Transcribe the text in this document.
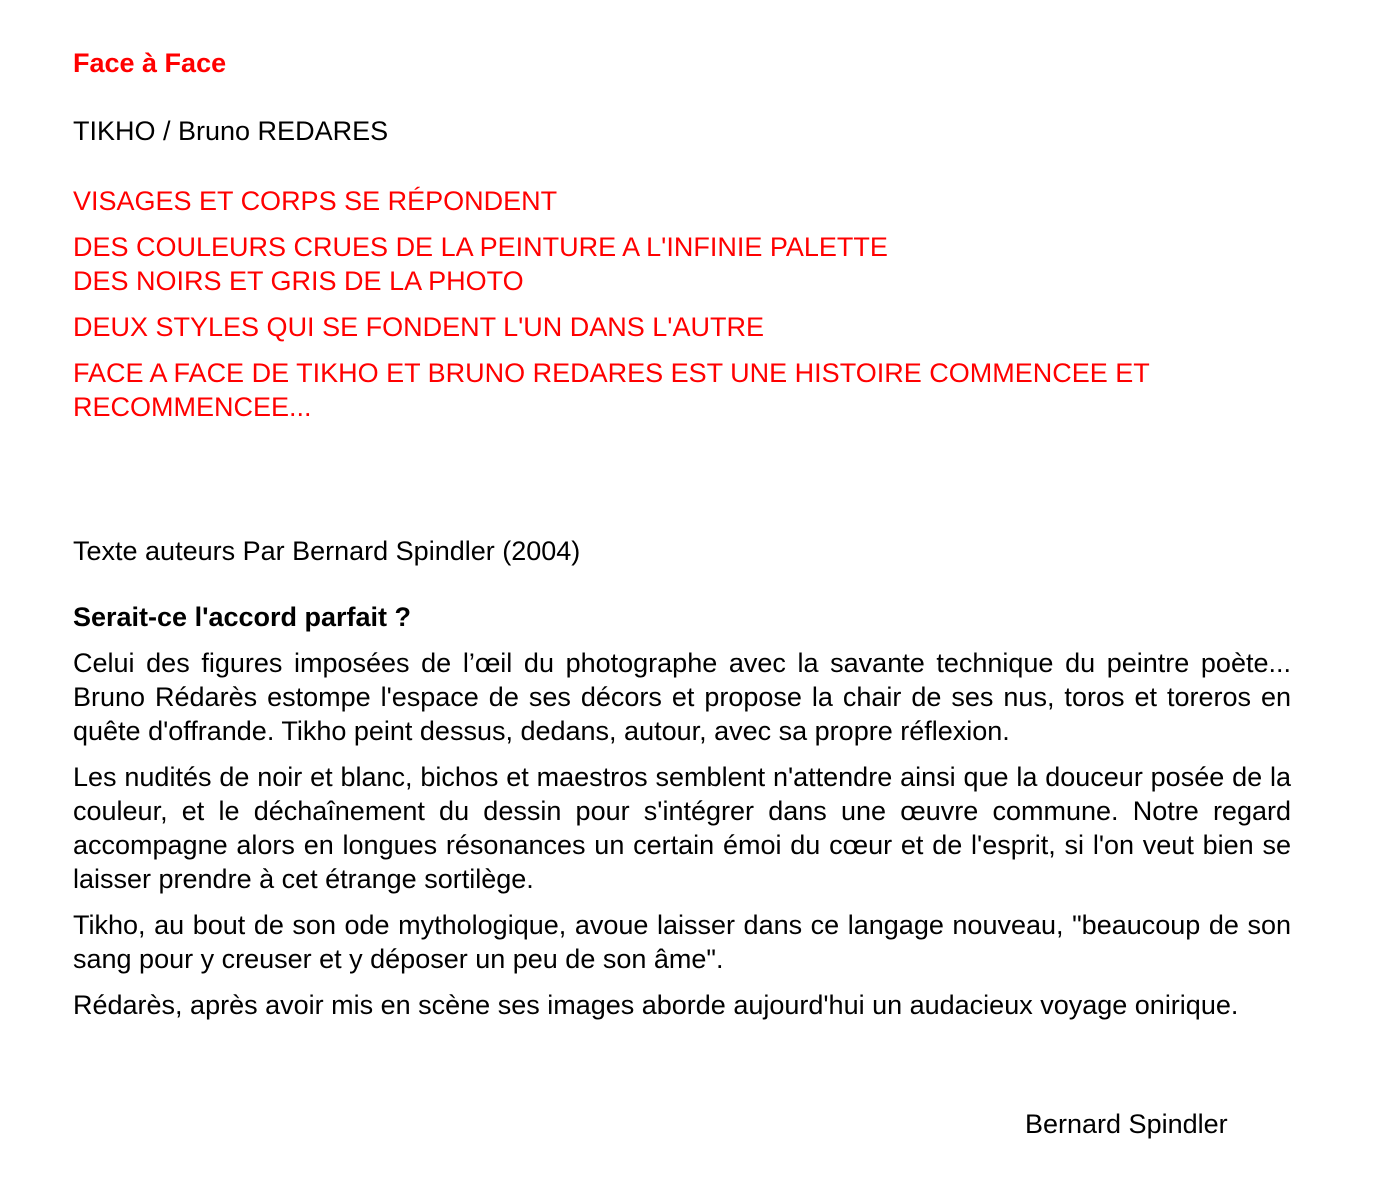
Face à Face

TIKHO / Bruno REDARES

VISAGES ET CORPS SE RÉPONDENT

DES COULEURS CRUES DE LA PEINTURE A L'INFINIE PALETTE
DES NOIRS ET GRIS DE LA PHOTO

DEUX STYLES QUI SE FONDENT L'UN DANS L'AUTRE

FACE A FACE DE TIKHO ET BRUNO REDARES EST UNE HISTOIRE COMMENCEE ET RECOMMENCEE...

Texte auteurs Par Bernard Spindler (2004)

Serait-ce l'accord parfait ?

Celui des figures imposées de l’œil du photographe avec la savante technique du peintre poète... Bruno Rédarès estompe l'espace de ses décors et propose la chair de ses nus, toros et toreros en quête d'offrande. Tikho peint dessus, dedans, autour, avec sa propre réflexion.

Les nudités de noir et blanc, bichos et maestros semblent n'attendre ainsi que la douceur posée de la couleur, et le déchaînement du dessin pour s'intégrer dans une œuvre commune. Notre regard accompagne alors en longues résonances un certain émoi du cœur et de l'esprit, si l'on veut bien se laisser prendre à cet étrange sortilège.

Tikho, au bout de son ode mythologique, avoue laisser dans ce langage nouveau, "beaucoup de son sang pour y creuser et y déposer un peu de son âme".

Rédarès, après avoir mis en scène ses images aborde aujourd'hui un audacieux voyage onirique.

Bernard Spindler
